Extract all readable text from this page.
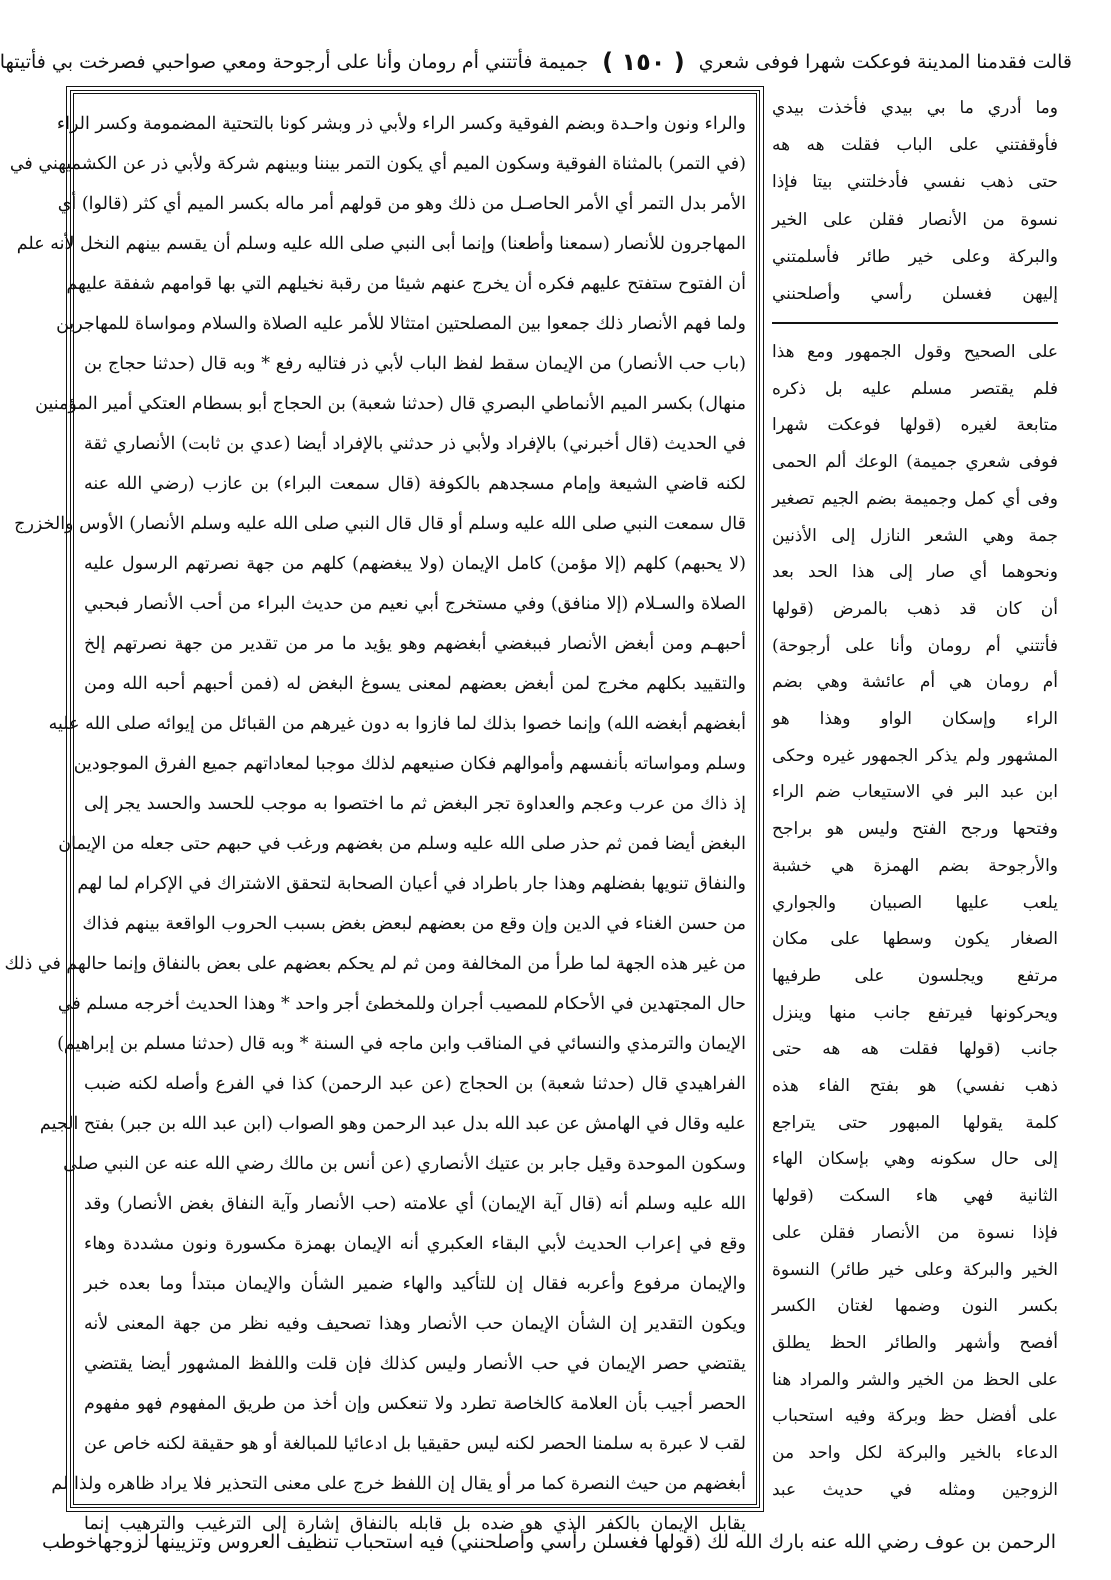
قالت فقدمنا المدينة فوعكت شهرا فوفى شعري
( ١٥٠ )
جميمة فأتتني أم رومان وأنا على أرجوحة ومعي صواحبي فصرخت بي فأتيتها
والراء ونون واحـدة وبضم الفوقية وكسر الراء ولأبي ذر وبشر كونا بالتحتية المضمومة وكسر الراء
(في التمر) بالمثناة الفوقية وسكون الميم أي يكون التمر بيننا وبينهم شركة ولأبي ذر عن الكشميهني في
الأمر بدل التمر أي الأمر الحاصـل من ذلك وهو من قولهم أمر ماله بكسر الميم أي كثر (قالوا) أي
المهاجرون للأنصار (سمعنا وأطعنا) وإنما أبى النبي صلى الله عليه وسلم أن يقسم بينهم النخل لأنه علم
أن الفتوح ستفتح عليهم فكره أن يخرج عنهم شيئا من رقبة نخيلهم التي بها قوامهم شفقة عليهم
ولما فهم الأنصار ذلك جمعوا بين المصلحتين امتثالا للأمر عليه الصلاة والسلام ومواساة للمهاجرين
(باب حب الأنصار) من الإيمان سقط لفظ الباب لأبي ذر فتاليه رفع * وبه قال (حدثنا حجاج بن
منهال) بكسر الميم الأنماطي البصري قال (حدثنا شعبة) بن الحجاج أبو بسطام العتكي أمير المؤمنين
في الحديث (قال أخبرني) بالإفراد ولأبي ذر حدثني بالإفراد أيضا (عدي بن ثابت) الأنصاري ثقة
لكنه قاضي الشيعة وإمام مسجدهم بالكوفة (قال سمعت البراء) بن عازب (رضي الله عنه
قال سمعت النبي صلى الله عليه وسلم أو قال قال النبي صلى الله عليه وسلم الأنصار) الأوس والخزرج
(لا يحبهم) كلهم (إلا مؤمن) كامل الإيمان (ولا يبغضهم) كلهم من جهة نصرتهم الرسول عليه
الصلاة والسـلام (إلا منافق) وفي مستخرج أبي نعيم من حديث البراء من أحب الأنصار فبحبي
أحبهـم ومن أبغض الأنصار فببغضي أبغضهم وهو يؤيد ما مر من تقدير من جهة نصرتهم إلخ
والتقييد بكلهم مخرج لمن أبغض بعضهم لمعنى يسوغ البغض له (فمن أحبهم أحبه الله ومن
أبغضهم أبغضه الله) وإنما خصوا بذلك لما فازوا به دون غيرهم من القبائل من إيوائه صلى الله عليه
وسلم ومواساته بأنفسهم وأموالهم فكان صنيعهم لذلك موجبا لمعاداتهم جميع الفرق الموجودين
إذ ذاك من عرب وعجم والعداوة تجر البغض ثم ما اختصوا به موجب للحسد والحسد يجر إلى
البغض أيضا فمن ثم حذر صلى الله عليه وسلم من بغضهم ورغب في حبهم حتى جعله من الإيمان
والنفاق تنويها بفضلهم وهذا جار باطراد في أعيان الصحابة لتحقق الاشتراك في الإكرام لما لهم
من حسن الغناء في الدين وإن وقع من بعضهم لبعض بغض بسبب الحروب الواقعة بينهم فذاك
من غير هذه الجهة لما طرأ من المخالفة ومن ثم لم يحكم بعضهم على بعض بالنفاق وإنما حالهم في ذلك
حال المجتهدين في الأحكام للمصيب أجران وللمخطئ أجر واحد * وهذا الحديث أخرجه مسلم في
الإيمان والترمذي والنسائي في المناقب وابن ماجه في السنة * وبه قال (حدثنا مسلم بن إبراهيم)
الفراهيدي قال (حدثنا شعبة) بن الحجاج (عن عبد الرحمن) كذا في الفرع وأصله لكنه ضبب
عليه وقال في الهامش عن عبد الله بدل عبد الرحمن وهو الصواب (ابن عبد الله بن جبر) بفتح الجيم
وسكون الموحدة وقيل جابر بن عتيك الأنصاري (عن أنس بن مالك رضي الله عنه عن النبي صلى
الله عليه وسلم أنه (قال آية الإيمان) أي علامته (حب الأنصار وآية النفاق بغض الأنصار) وقد
وقع في إعراب الحديث لأبي البقاء العكبري أنه الإيمان بهمزة مكسورة ونون مشددة وهاء
والإيمان مرفوع وأعربه فقال إن للتأكيد والهاء ضمير الشأن والإيمان مبتدأ وما بعده خبر
ويكون التقدير إن الشأن الإيمان حب الأنصار وهذا تصحيف وفيه نظر من جهة المعنى لأنه
يقتضي حصر الإيمان في حب الأنصار وليس كذلك فإن قلت واللفظ المشهور أيضا يقتضي
الحصر أجيب بأن العلامة كالخاصة تطرد ولا تنعكس وإن أخذ من طريق المفهوم فهو مفهوم
لقب لا عبرة به سلمنا الحصر لكنه ليس حقيقيا بل ادعائيا للمبالغة أو هو حقيقة لكنه خاص عن
أبغضهم من حيث النصرة كما مر أو يقال إن اللفظ خرج على معنى التحذير فلا يراد ظاهره ولذا لم
يقابل الإيمان بالكفر الذي هو ضده بل قابله بالنفاق إشارة إلى الترغيب والترهيب إنما
وما أدري ما بي بيدي فأخذت بيدي
فأوقفتني على الباب فقلت هه هه
حتى ذهب نفسي فأدخلتني بيتا فإذا
نسوة من الأنصار فقلن على الخير
والبركة وعلى خير طائر فأسلمتني
إليهن فغسلن رأسي وأصلحنني
على الصحيح وقول الجمهور ومع هذا
فلم يقتصر مسلم عليه بل ذكره
متابعة لغيره (قولها فوعكت شهرا
فوفى شعري جميمة) الوعك ألم الحمى
وفى أي كمل وجميمة بضم الجيم تصغير
جمة وهي الشعر النازل إلى الأذنين
ونحوهما أي صار إلى هذا الحد بعد
أن كان قد ذهب بالمرض (قولها
فأتتني أم رومان وأنا على أرجوحة)
أم رومان هي أم عائشة وهي بضم
الراء وإسكان الواو وهذا هو
المشهور ولم يذكر الجمهور غيره وحكى
ابن عبد البر في الاستيعاب ضم الراء
وفتحها ورجح الفتح وليس هو براجح
والأرجوحة بضم الهمزة هي خشبة
يلعب عليها الصبيان والجواري
الصغار يكون وسطها على مكان
مرتفع ويجلسون على طرفيها
ويحركونها فيرتفع جانب منها وينزل
جانب (قولها فقلت هه هه حتى
ذهب نفسي) هو بفتح الفاء هذه
كلمة يقولها المبهور حتى يتراجع
إلى حال سكونه وهي بإسكان الهاء
الثانية فهي هاء السكت (قولها
فإذا نسوة من الأنصار فقلن على
الخير والبركة وعلى خير طائر) النسوة
بكسر النون وضمها لغتان الكسر
أفصح وأشهر والطائر الحظ يطلق
على الحظ من الخير والشر والمراد هنا
على أفضل حظ وبركة وفيه استحباب
الدعاء بالخير والبركة لكل واحد من
الزوجين ومثله في حديث عبد
الرحمن بن عوف رضي الله عنه بارك الله لك (قولها فغسلن رأسي وأصلحنني) فيه استحباب تنظيف العروس وتزيينها لزوجها
خوطب
